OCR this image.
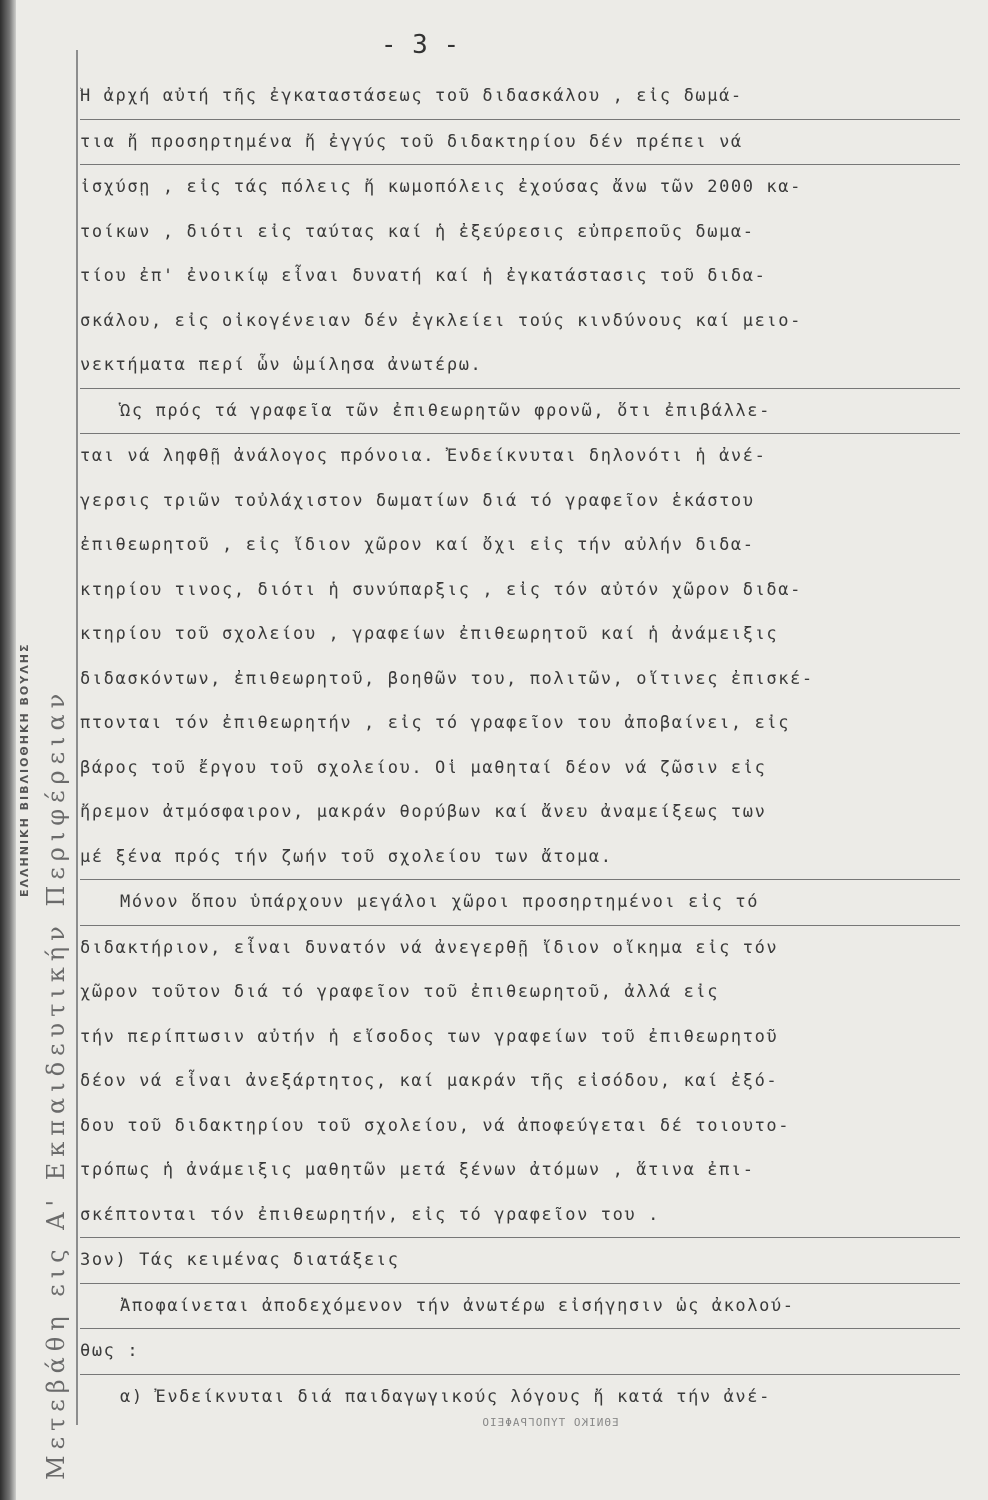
ΕΛΛΗΝΙΚΗ ΒΙΒΛΙΟΘΗΚΗ ΒΟΥΛΗΣ Μετεβάθη εις Α' Εκπαιδευτικήν Περιφέρειαν
- 3 -
Ἡ ἀρχή αὐτή τῆς ἐγκαταστάσεως τοῦ διδασκάλου , εἰς δωμά-
τια ἤ προσηρτημένα ἤ ἐγγύς τοῦ διδακτηρίου δέν πρέπει νά
ἰσχύσῃ , εἰς τάς πόλεις ἤ κωμοπόλεις ἐχούσας ἄνω τῶν 2000 κα-
τοίκων , διότι εἰς ταύτας καί ἡ ἐξεύρεσις εὐπρεποῦς δωμα-
τίου ἐπ' ἐνοικίῳ εἶναι δυνατή καί ἡ ἐγκατάστασις τοῦ διδα-
σκάλου, εἰς οἰκογένειαν δέν ἐγκλείει τούς κινδύνους καί μειο-
νεκτήματα περί ὧν ὡμίλησα ἀνωτέρω.
Ὡς πρός τά γραφεῖα τῶν ἐπιθεωρητῶν φρονῶ, ὅτι ἐπιβάλλε-
ται νά ληφθῇ ἀνάλογος πρόνοια. Ἐνδείκνυται δηλονότι ἡ ἀνέ-
γερσις τριῶν τοὐλάχιστον δωματίων διά τό γραφεῖον ἑκάστου
ἐπιθεωρητοῦ , εἰς ἴδιον χῶρον καί ὄχι εἰς τήν αὐλήν διδα-
κτηρίου τινος, διότι ἡ συνύπαρξις , εἰς τόν αὐτόν χῶρον διδα-
κτηρίου τοῦ σχολείου , γραφείων ἐπιθεωρητοῦ καί ἡ ἀνάμειξις
διδασκόντων, ἐπιθεωρητοῦ, βοηθῶν του, πολιτῶν, οἵτινες ἐπισκέ-
πτονται τόν ἐπιθεωρητήν , εἰς τό γραφεῖον του ἀποβαίνει, εἰς
βάρος τοῦ ἔργου τοῦ σχολείου. Οἱ μαθηταί δέον νά ζῶσιν εἰς
ἤρεμον ἀτμόσφαιρον, μακράν θορύβων καί ἄνευ ἀναμείξεως των
μέ ξένα πρός τήν ζωήν τοῦ σχολείου των ἄτομα.
Μόνον ὅπου ὑπάρχουν μεγάλοι χῶροι προσηρτημένοι εἰς τό
διδακτήριον, εἶναι δυνατόν νά ἀνεγερθῇ ἴδιον οἴκημα εἰς τόν
χῶρον τοῦτον διά τό γραφεῖον τοῦ ἐπιθεωρητοῦ, ἀλλά εἰς
τήν περίπτωσιν αὐτήν ἡ εἴσοδος των γραφείων τοῦ ἐπιθεωρητοῦ
δέον νά εἶναι ἀνεξάρτητος, καί μακράν τῆς εἰσόδου, καί ἐξό-
δου τοῦ διδακτηρίου τοῦ σχολείου, νά ἀποφεύγεται δέ τοιουτο-
τρόπως ἡ ἀνάμειξις μαθητῶν μετά ξένων ἀτόμων , ἅτινα ἐπι-
σκέπτονται τόν ἐπιθεωρητήν, εἰς τό γραφεῖον του .
3ον) Τάς κειμένας διατάξεις
Ἀποφαίνεται ἀποδεχόμενον τήν ἀνωτέρω εἰσήγησιν ὡς ἀκολού-
θως :
α) Ἐνδείκνυται διά παιδαγωγικούς λόγους ἤ κατά τήν ἀνέ-
ΕΘΝΙΚΟ ΤΥΠΟΓΡΑΦΕΙΟ
